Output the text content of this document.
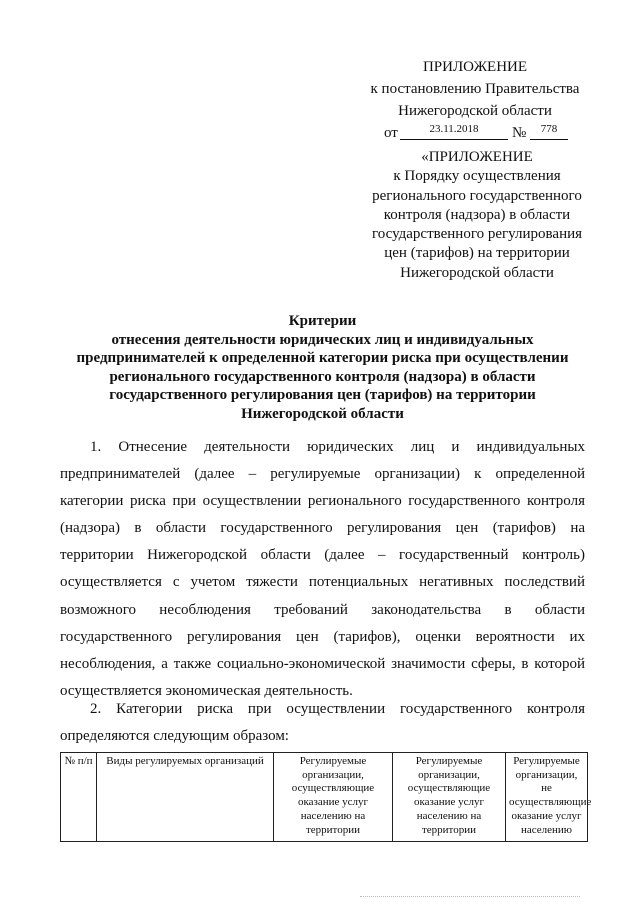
ПРИЛОЖЕНИЕ
к постановлению Правительства
Нижегородской области
от	23.11.2018	№	778
«ПРИЛОЖЕНИЕ
к Порядку осуществления
регионального государственного
контроля (надзора) в области
государственного регулирования
цен (тарифов) на территории
Нижегородской области
Критерии
отнесения деятельности юридических лиц и индивидуальных
предпринимателей к определенной категории риска при осуществлении
регионального государственного контроля (надзора) в области
государственного регулирования цен (тарифов) на территории
Нижегородской области

1. Отнесение деятельности юридических лиц и индивидуальных предпринимателей (далее – регулируемые организации) к определенной категории риска при осуществлении регионального государственного контроля (надзора) в области государственного регулирования цен (тарифов) на территории Нижегородской области (далее – государственный контроль) осуществляется с учетом тяжести потенциальных негативных последствий возможного несоблюдения требований законодательства в области государственного регулирования цен (тарифов), оценки вероятности их несоблюдения, а также социально-экономической значимости сферы, в которой осуществляется экономическая деятельность.

2. Категории риска при осуществлении государственного контроля определяются следующим образом:

№ п/п	Виды регулируемых организаций	Регулируемые организации, осуществляющие оказание услуг населению на территории	Регулируемые организации, осуществляющие оказание услуг населению на территории	Регулируемые организации, не осуществляющие оказание услуг населению
